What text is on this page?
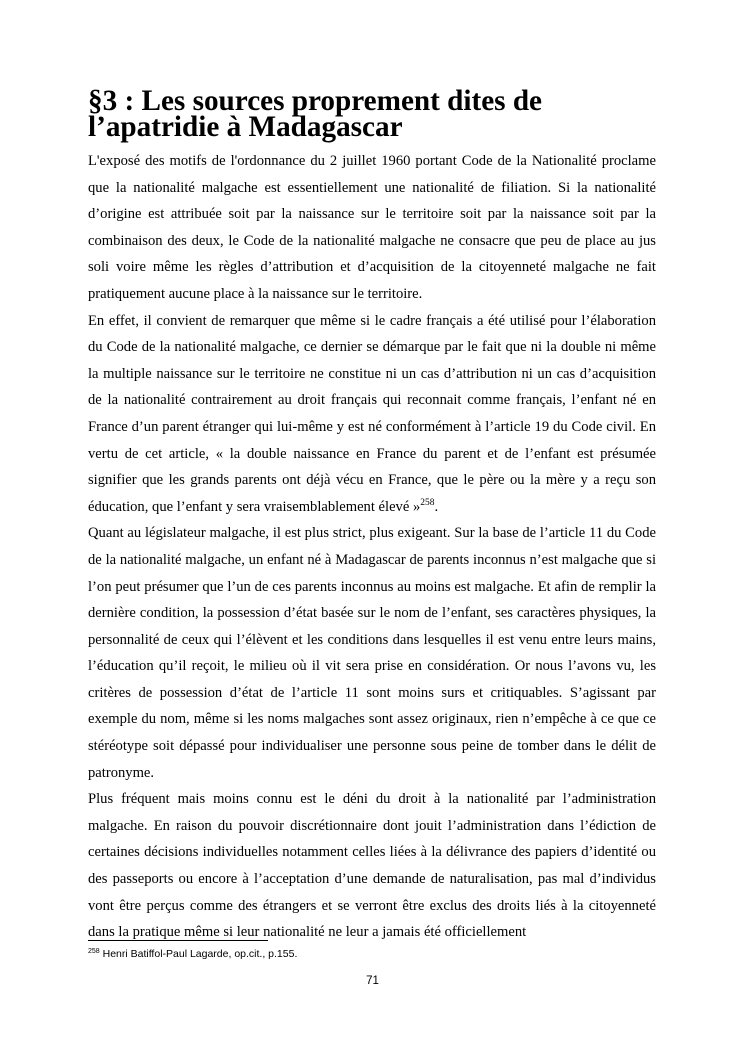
§3 : Les sources proprement dites de l’apatridie à Madagascar

L'exposé des motifs de l'ordonnance du 2 juillet 1960 portant Code de la Nationalité proclame que la nationalité malgache est essentiellement une nationalité de filiation. Si la nationalité d’origine est attribuée soit par la naissance sur le territoire soit par la naissance soit par la combinaison des deux, le Code de la nationalité malgache ne consacre que peu de place au jus soli voire même les règles d’attribution et d’acquisition de la citoyenneté malgache ne fait pratiquement aucune place à la naissance sur le territoire.

En effet, il convient de remarquer que même si le cadre français a été utilisé pour l’élaboration du Code de la nationalité malgache, ce dernier se démarque par le fait que ni la double ni même la multiple naissance sur le territoire ne constitue ni un cas d’attribution ni un cas d’acquisition de la nationalité contrairement au droit français qui reconnait comme français, l’enfant né en France d’un parent étranger qui lui-même y est né conformément à l’article 19 du Code civil. En vertu de cet article, « la double naissance en France du parent et de l’enfant est présumée signifier que les grands parents ont déjà vécu en France, que le père ou la mère y a reçu son éducation, que l’enfant y sera vraisemblablement élevé »$^{258}$.

Quant au législateur malgache, il est plus strict, plus exigeant. Sur la base de l’article 11 du Code de la nationalité malgache, un enfant né à Madagascar de parents inconnus n’est malgache que si l’on peut présumer que l’un de ces parents inconnus au moins est malgache. Et afin de remplir la dernière condition, la possession d’état basée sur le nom de l’enfant, ses caractères physiques, la personnalité de ceux qui l’élèvent et les conditions dans lesquelles il est venu entre leurs mains, l’éducation qu’il reçoit, le milieu où il vit sera prise en considération. Or nous l’avons vu, les critères de possession d’état de l’article 11 sont moins surs et critiquables. S’agissant par exemple du nom, même si les noms malgaches sont assez originaux, rien n’empêche à ce que ce stéréotype soit dépassé pour individualiser une personne sous peine de tomber dans le délit de patronyme.

Plus fréquent mais moins connu est le déni du droit à la nationalité par l’administration malgache. En raison du pouvoir discrétionnaire dont jouit l’administration dans l’édiction de certaines décisions individuelles notamment celles liées à la délivrance des papiers d’identité ou des passeports ou encore à l’acceptation d’une demande de naturalisation, pas mal d’individus vont être perçus comme des étrangers et se verront être exclus des droits liés à la citoyenneté dans la pratique même si leur nationalité ne leur a jamais été officiellement

$^{258}$ Henri Batiffol-Paul Lagarde, op.cit., p.155.
71
